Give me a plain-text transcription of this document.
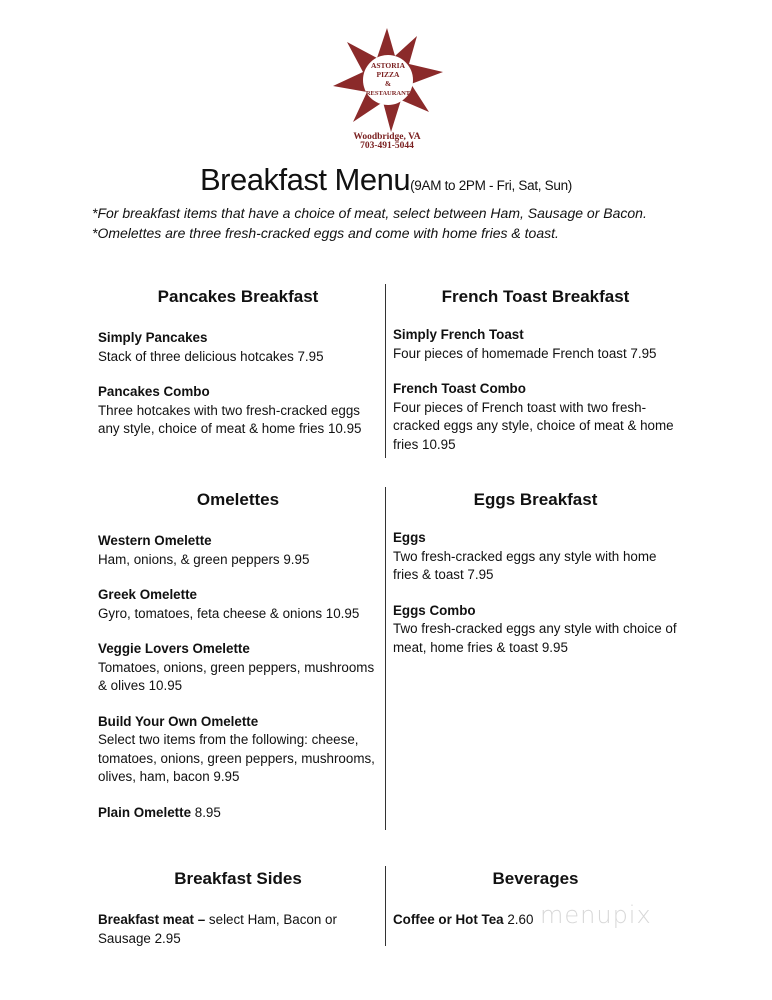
ASTORIA
PIZZA
&
RESTAURANT
Woodbridge, VA
703-491-5044
Breakfast Menu(9AM to 2PM - Fri, Sat, Sun)
*For breakfast items that have a choice of meat, select between Ham, Sausage or Bacon.
*Omelettes are three fresh-cracked eggs and come with home fries & toast.
Pancakes Breakfast
Simply Pancakes
Stack of three delicious hotcakes 7.95
Pancakes Combo
Three hotcakes with two fresh-cracked eggs any style, choice of meat & home fries 10.95
French Toast Breakfast
Simply French Toast
Four pieces of homemade French toast 7.95
French Toast Combo
Four pieces of French toast with two fresh-cracked eggs any style, choice of meat & home fries 10.95
Omelettes
Western Omelette
Ham, onions, & green peppers 9.95
Greek Omelette
Gyro, tomatoes, feta cheese & onions 10.95
Veggie Lovers Omelette
Tomatoes, onions, green peppers, mushrooms & olives 10.95
Build Your Own Omelette
Select two items from the following: cheese, tomatoes, onions, green peppers, mushrooms, olives, ham, bacon 9.95
Plain Omelette 8.95
Eggs Breakfast
Eggs
Two fresh-cracked eggs any style with home fries & toast 7.95
Eggs Combo
Two fresh-cracked eggs any style with choice of meat, home fries & toast 9.95
Breakfast Sides
Breakfast meat – select Ham, Bacon or Sausage 2.95
Beverages
Coffee or Hot Tea 2.60 menupix
